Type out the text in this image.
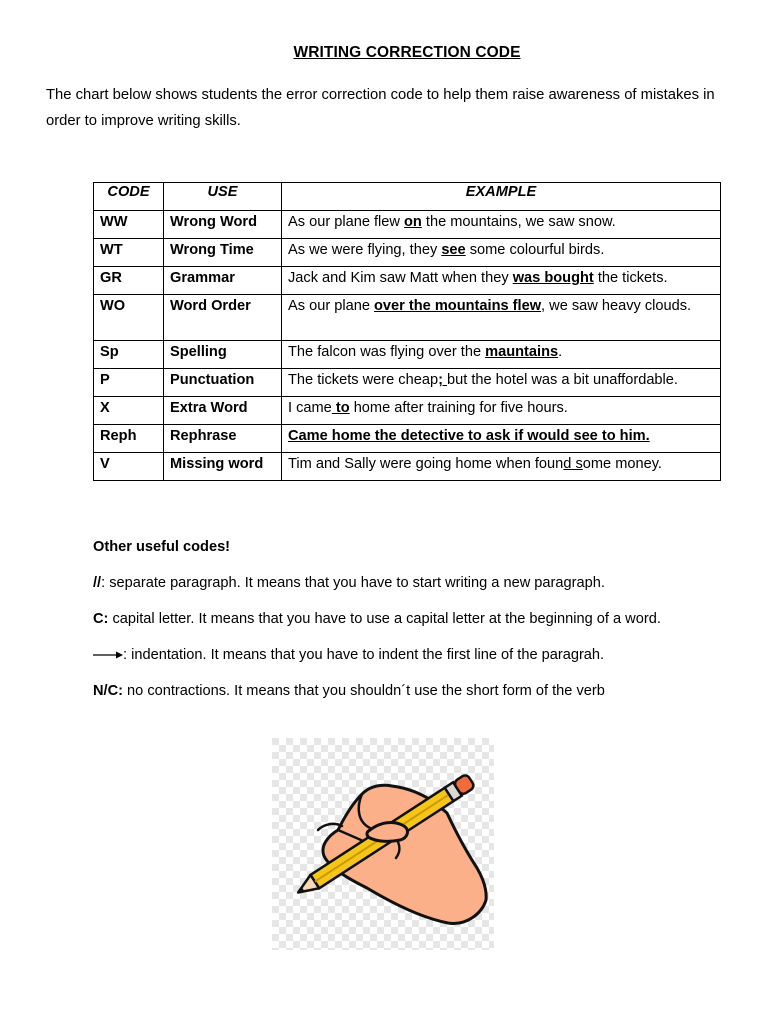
WRITING CORRECTION CODE
The chart below shows students the error correction code to help them raise awareness of mistakes in order to improve writing skills.
CODE	USE	EXAMPLE
WW	Wrong Word	As our plane flew on the mountains, we saw snow.
WT	Wrong Time	As we were flying, they see some colourful birds.
GR	Grammar	Jack and Kim saw Matt when they was bought the tickets.
WO	Word Order	As our plane over the mountains flew, we saw heavy clouds.
Sp	Spelling	The falcon was flying over the mauntains.
P	Punctuation	The tickets were cheap; but the hotel was a bit unaffordable.
X	Extra Word	I came to home after training for five hours.
Reph	Rephrase	Came home the detective to ask if would see to him.
V	Missing word	Tim and Sally were going home when found some money.

Other useful codes!

//: separate paragraph. It means that you have to start writing a new paragraph.

C: capital letter. It means that you have to use a capital letter at the beginning of a word.

: indentation. It means that you have to indent the first line of the paragrah.

N/C: no contractions. It means that you shouldn´t use the short form of the verb
